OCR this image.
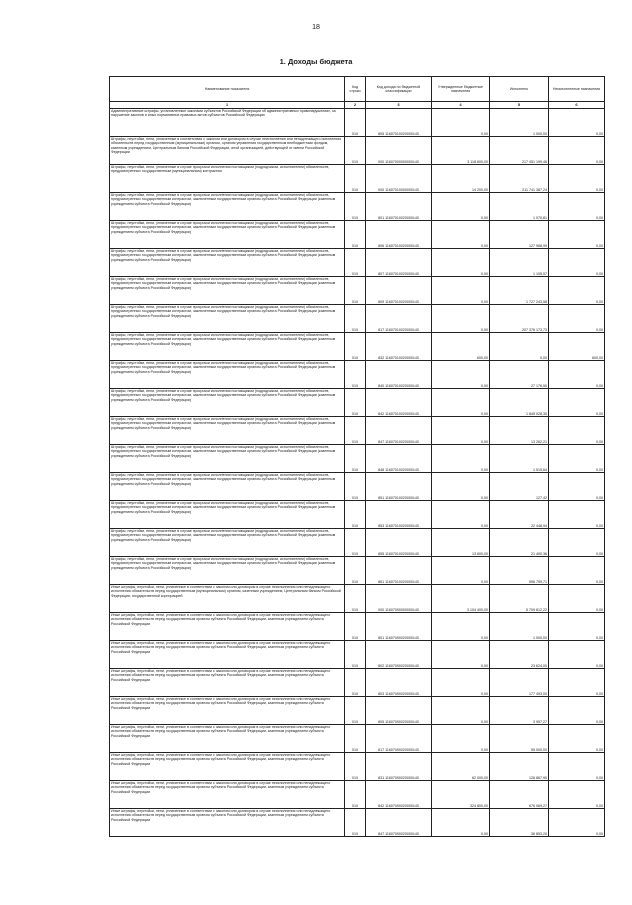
18
1. Доходы бюджета
Наименование показателя	Код строки	Код дохода по бюджетной классификации	Утвержденные бюджетные назначения	Исполнено	Неисполненные назначения
1	2	3	4	5	6
Административные штрафы, установленные законами субъектов Российской Федерации об административных правонарушениях, за нарушение законов и иных нормативных правовых актов субъектов Российской Федерации	010	805 11607010020000140	0,00	1 000,00	0,00
Штрафы, неустойки, пени, уплаченные в соответствии с законом или договором в случае неисполнения или ненадлежащего исполнения обязательств перед государственным (муниципальным) органом, органом управления государственным внебюджетным фондом, казенным учреждением, Центральным банком Российской Федерации, иной организацией, действующей от имени Российской Федерации	010	000 11607000000000140	3 118 600,00	217 451 199,46	0,00
Штрафы, неустойки, пени, уплаченные в случае просрочки исполнения поставщиком (подрядчиком, исполнителем) обязательств, предусмотренных государственным (муниципальным) контрактом	010	000 11607010000000140	14 200,00	211 741 387,24	0,00
Штрафы, неустойки, пени, уплаченные в случае просрочки исполнения поставщиком (подрядчиком, исполнителем) обязательств, предусмотренных государственным контрактом, заключенным государственным органом субъекта Российской Федерации (казенным учреждением субъекта Российской Федерации)	010	801 11607010020000140	0,00	1 070,81	0,00
Штрафы, неустойки, пени, уплаченные в случае просрочки исполнения поставщиком (подрядчиком, исполнителем) обязательств, предусмотренных государственным контрактом, заключенным государственным органом субъекта Российской Федерации (казенным учреждением субъекта Российской Федерации)	010	806 11607010020000140	0,00	127 968,99	0,00
Штрафы, неустойки, пени, уплаченные в случае просрочки исполнения поставщиком (подрядчиком, исполнителем) обязательств, предусмотренных государственным контрактом, заключенным государственным органом субъекта Российской Федерации (казенным учреждением субъекта Российской Федерации)	010	807 11607010020000140	0,00	1 105,07	0,00
Штрафы, неустойки, пени, уплаченные в случае просрочки исполнения поставщиком (подрядчиком, исполнителем) обязательств, предусмотренных государственным контрактом, заключенным государственным органом субъекта Российской Федерации (казенным учреждением субъекта Российской Федерации)	010	809 11607010020000140	0,00	1 727 243,58	0,00
Штрафы, неустойки, пени, уплаченные в случае просрочки исполнения поставщиком (подрядчиком, исполнителем) обязательств, предусмотренных государственным контрактом, заключенным государственным органом субъекта Российской Федерации (казенным учреждением субъекта Российской Федерации)	010	817 11607010020000140	0,00	207 376 173,73	0,00
Штрафы, неустойки, пени, уплаченные в случае просрочки исполнения поставщиком (подрядчиком, исполнителем) обязательств, предусмотренных государственным контрактом, заключенным государственным органом субъекта Российской Федерации (казенным учреждением субъекта Российской Федерации)	010	832 11607010020000140	600,00	0,00	600,00
Штрафы, неустойки, пени, уплаченные в случае просрочки исполнения поставщиком (подрядчиком, исполнителем) обязательств, предусмотренных государственным контрактом, заключенным государственным органом субъекта Российской Федерации (казенным учреждением субъекта Российской Федерации)	010	840 11607010020000140	0,00	27 176,50	0,00
Штрафы, неустойки, пени, уплаченные в случае просрочки исполнения поставщиком (подрядчиком, исполнителем) обязательств, предусмотренных государственным контрактом, заключенным государственным органом субъекта Российской Федерации (казенным учреждением субъекта Российской Федерации)	010	842 11607010020000140	0,00	1 845 028,30	0,00
Штрафы, неустойки, пени, уплаченные в случае просрочки исполнения поставщиком (подрядчиком, исполнителем) обязательств, предусмотренных государственным контрактом, заключенным государственным органом субъекта Российской Федерации (казенным учреждением субъекта Российской Федерации)	010	847 11607010020000140	0,00	13 262,21	0,00
Штрафы, неустойки, пени, уплаченные в случае просрочки исполнения поставщиком (подрядчиком, исполнителем) обязательств, предусмотренных государственным контрактом, заключенным государственным органом субъекта Российской Федерации (казенным учреждением субъекта Российской Федерации)	010	848 11607010020000140	0,00	1 515,64	0,00
Штрафы, неустойки, пени, уплаченные в случае просрочки исполнения поставщиком (подрядчиком, исполнителем) обязательств, предусмотренных государственным контрактом, заключенным государственным органом субъекта Российской Федерации (казенным учреждением субъекта Российской Федерации)	010	851 11607010020000140	0,00	127,42	0,00
Штрафы, неустойки, пени, уплаченные в случае просрочки исполнения поставщиком (подрядчиком, исполнителем) обязательств, предусмотренных государственным контрактом, заключенным государственным органом субъекта Российской Федерации (казенным учреждением субъекта Российской Федерации)	010	853 11607010020000140	0,00	22 448,94	0,00
Штрафы, неустойки, пени, уплаченные в случае просрочки исполнения поставщиком (подрядчиком, исполнителем) обязательств, предусмотренных государственным контрактом, заключенным государственным органом субъекта Российской Федерации (казенным учреждением субъекта Российской Федерации)	010	855 11607010020000140	13 600,00	21 400,36	0,00
Штрафы, неустойки, пени, уплаченные в случае просрочки исполнения поставщиком (подрядчиком, исполнителем) обязательств, предусмотренных государственным контрактом, заключенным государственным органом субъекта Российской Федерации (казенным учреждением субъекта Российской Федерации)	010	861 11607010020000140	0,00	596 759,71	0,00
Иные штрафы, неустойки, пени, уплаченные в соответствии с законом или договором в случае неисполнения или ненадлежащего исполнения обязательств перед государственным (муниципальным) органом, казенным учреждением, Центральным банком Российской Федерации, государственной корпорацией	010	000 11607090000000140	3 104 400,00	5 709 812,22	0,00
Иные штрафы, неустойки, пени, уплаченные в соответствии с законом или договором в случае неисполнения или ненадлежащего исполнения обязательств перед государственным органом субъекта Российской Федерации, казенным учреждением субъекта Российской Федерации	010	801 11607090020000140	0,00	1 000,00	0,00
Иные штрафы, неустойки, пени, уплаченные в соответствии с законом или договором в случае неисполнения или ненадлежащего исполнения обязательств перед государственным органом субъекта Российской Федерации, казенным учреждением субъекта Российской Федерации	010	802 11607090020000140	0,00	23 624,00	0,00
Иные штрафы, неустойки, пени, уплаченные в соответствии с законом или договором в случае неисполнения или ненадлежащего исполнения обязательств перед государственным органом субъекта Российской Федерации, казенным учреждением субъекта Российской Федерации	010	803 11607090020000140	0,00	177 493,00	0,00
Иные штрафы, неустойки, пени, уплаченные в соответствии с законом или договором в случае неисполнения или ненадлежащего исполнения обязательств перед государственным органом субъекта Российской Федерации, казенным учреждением субъекта Российской Федерации	010	805 11607090020000140	0,00	3 997,27	0,00
Иные штрафы, неустойки, пени, уплаченные в соответствии с законом или договором в случае неисполнения или ненадлежащего исполнения обязательств перед государственным органом субъекта Российской Федерации, казенным учреждением субъекта Российской Федерации	010	817 11607090020000140	0,00	55 000,00	0,00
Иные штрафы, неустойки, пени, уплаченные в соответствии с законом или договором в случае неисполнения или ненадлежащего исполнения обязательств перед государственным органом субъекта Российской Федерации, казенным учреждением субъекта Российской Федерации	010	831 11607090020000140	62 000,00	126 867,90	0,00
Иные штрафы, неустойки, пени, уплаченные в соответствии с законом или договором в случае неисполнения или ненадлежащего исполнения обязательств перед государственным органом субъекта Российской Федерации, казенным учреждением субъекта Российской Федерации	010	842 11607090020000140	324 800,00	676 069,27	0,00
Иные штрафы, неустойки, пени, уплаченные в соответствии с законом или договором в случае неисполнения или ненадлежащего исполнения обязательств перед государственным органом субъекта Российской Федерации, казенным учреждением субъекта Российской Федерации	010	847 11607090020000140	0,00	36 853,20	0,00
